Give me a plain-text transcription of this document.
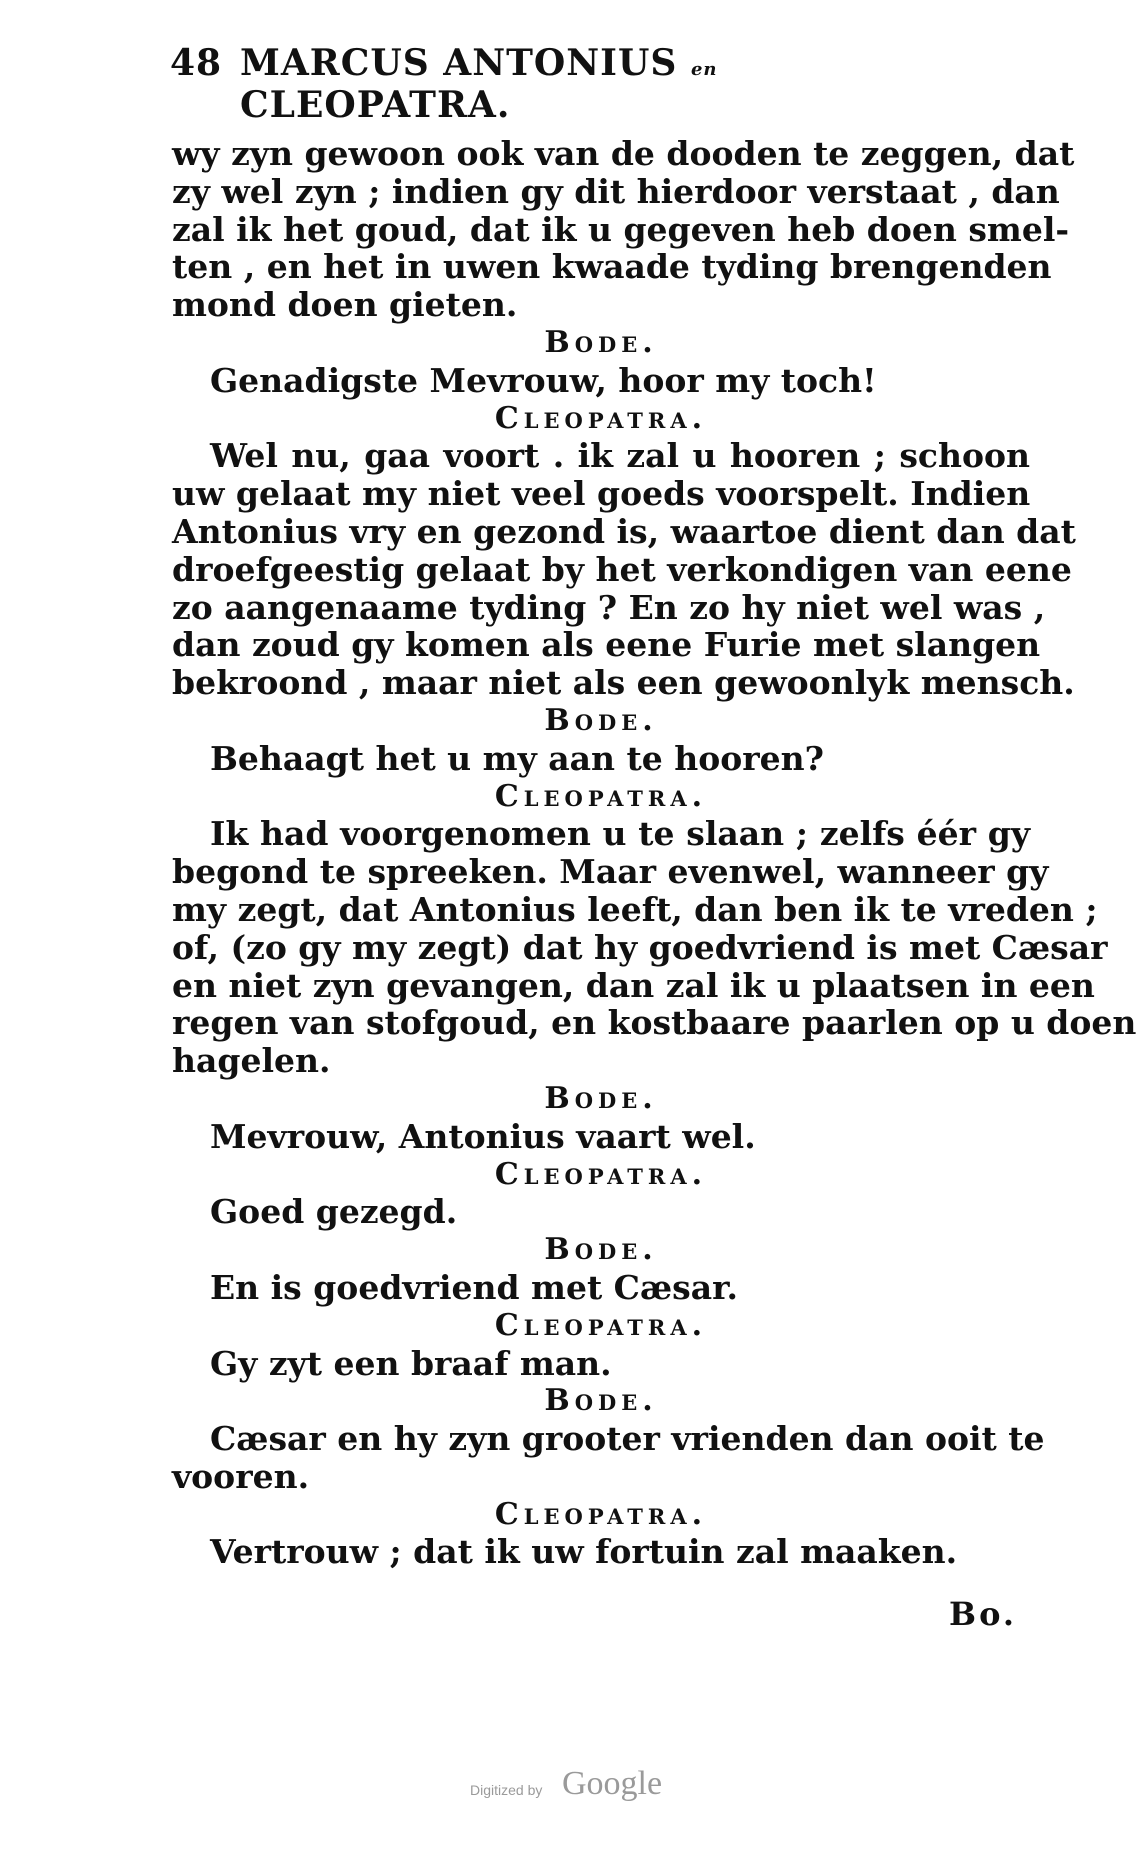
48 MARCUS ANTONIUS en CLEOPATRA.
wy zyn gewoon ook van de dooden te zeggen, dat
zy wel zyn ; indien gy dit hierdoor verstaat , dan
zal ik het goud, dat ik u gegeven heb doen smel-
ten , en het in uwen kwaade tyding brengenden
mond doen gieten.
Bode.
Genadigste Mevrouw, hoor my toch!
Cleopatra.
Wel nu, gaa voort . ik zal u hooren ; schoon
uw gelaat my niet veel goeds voorspelt. Indien
Antonius vry en gezond is, waartoe dient dan dat
droefgeestig gelaat by het verkondigen van eene
zo aangenaame tyding ? En zo hy niet wel was ,
dan zoud gy komen als eene Furie met slangen
bekroond , maar niet als een gewoonlyk mensch.
Bode.
Behaagt het u my aan te hooren?
Cleopatra.
Ik had voorgenomen u te slaan ; zelfs éér gy
begond te spreeken. Maar evenwel, wanneer gy
my zegt, dat Antonius leeft, dan ben ik te vreden ;
of, (zo gy my zegt) dat hy goedvriend is met Cæsar
en niet zyn gevangen, dan zal ik u plaatsen in een
regen van stofgoud, en kostbaare paarlen op u doen
hagelen.
Bode.
Mevrouw, Antonius vaart wel.
Cleopatra.
Goed gezegd.
Bode.
En is goedvriend met Cæsar.
Cleopatra.
Gy zyt een braaf man.
Bode.
Cæsar en hy zyn grooter vrienden dan ooit te
vooren.
Cleopatra.
Vertrouw ; dat ik uw fortuin zal maaken.
Bo.
Digitized by Google
